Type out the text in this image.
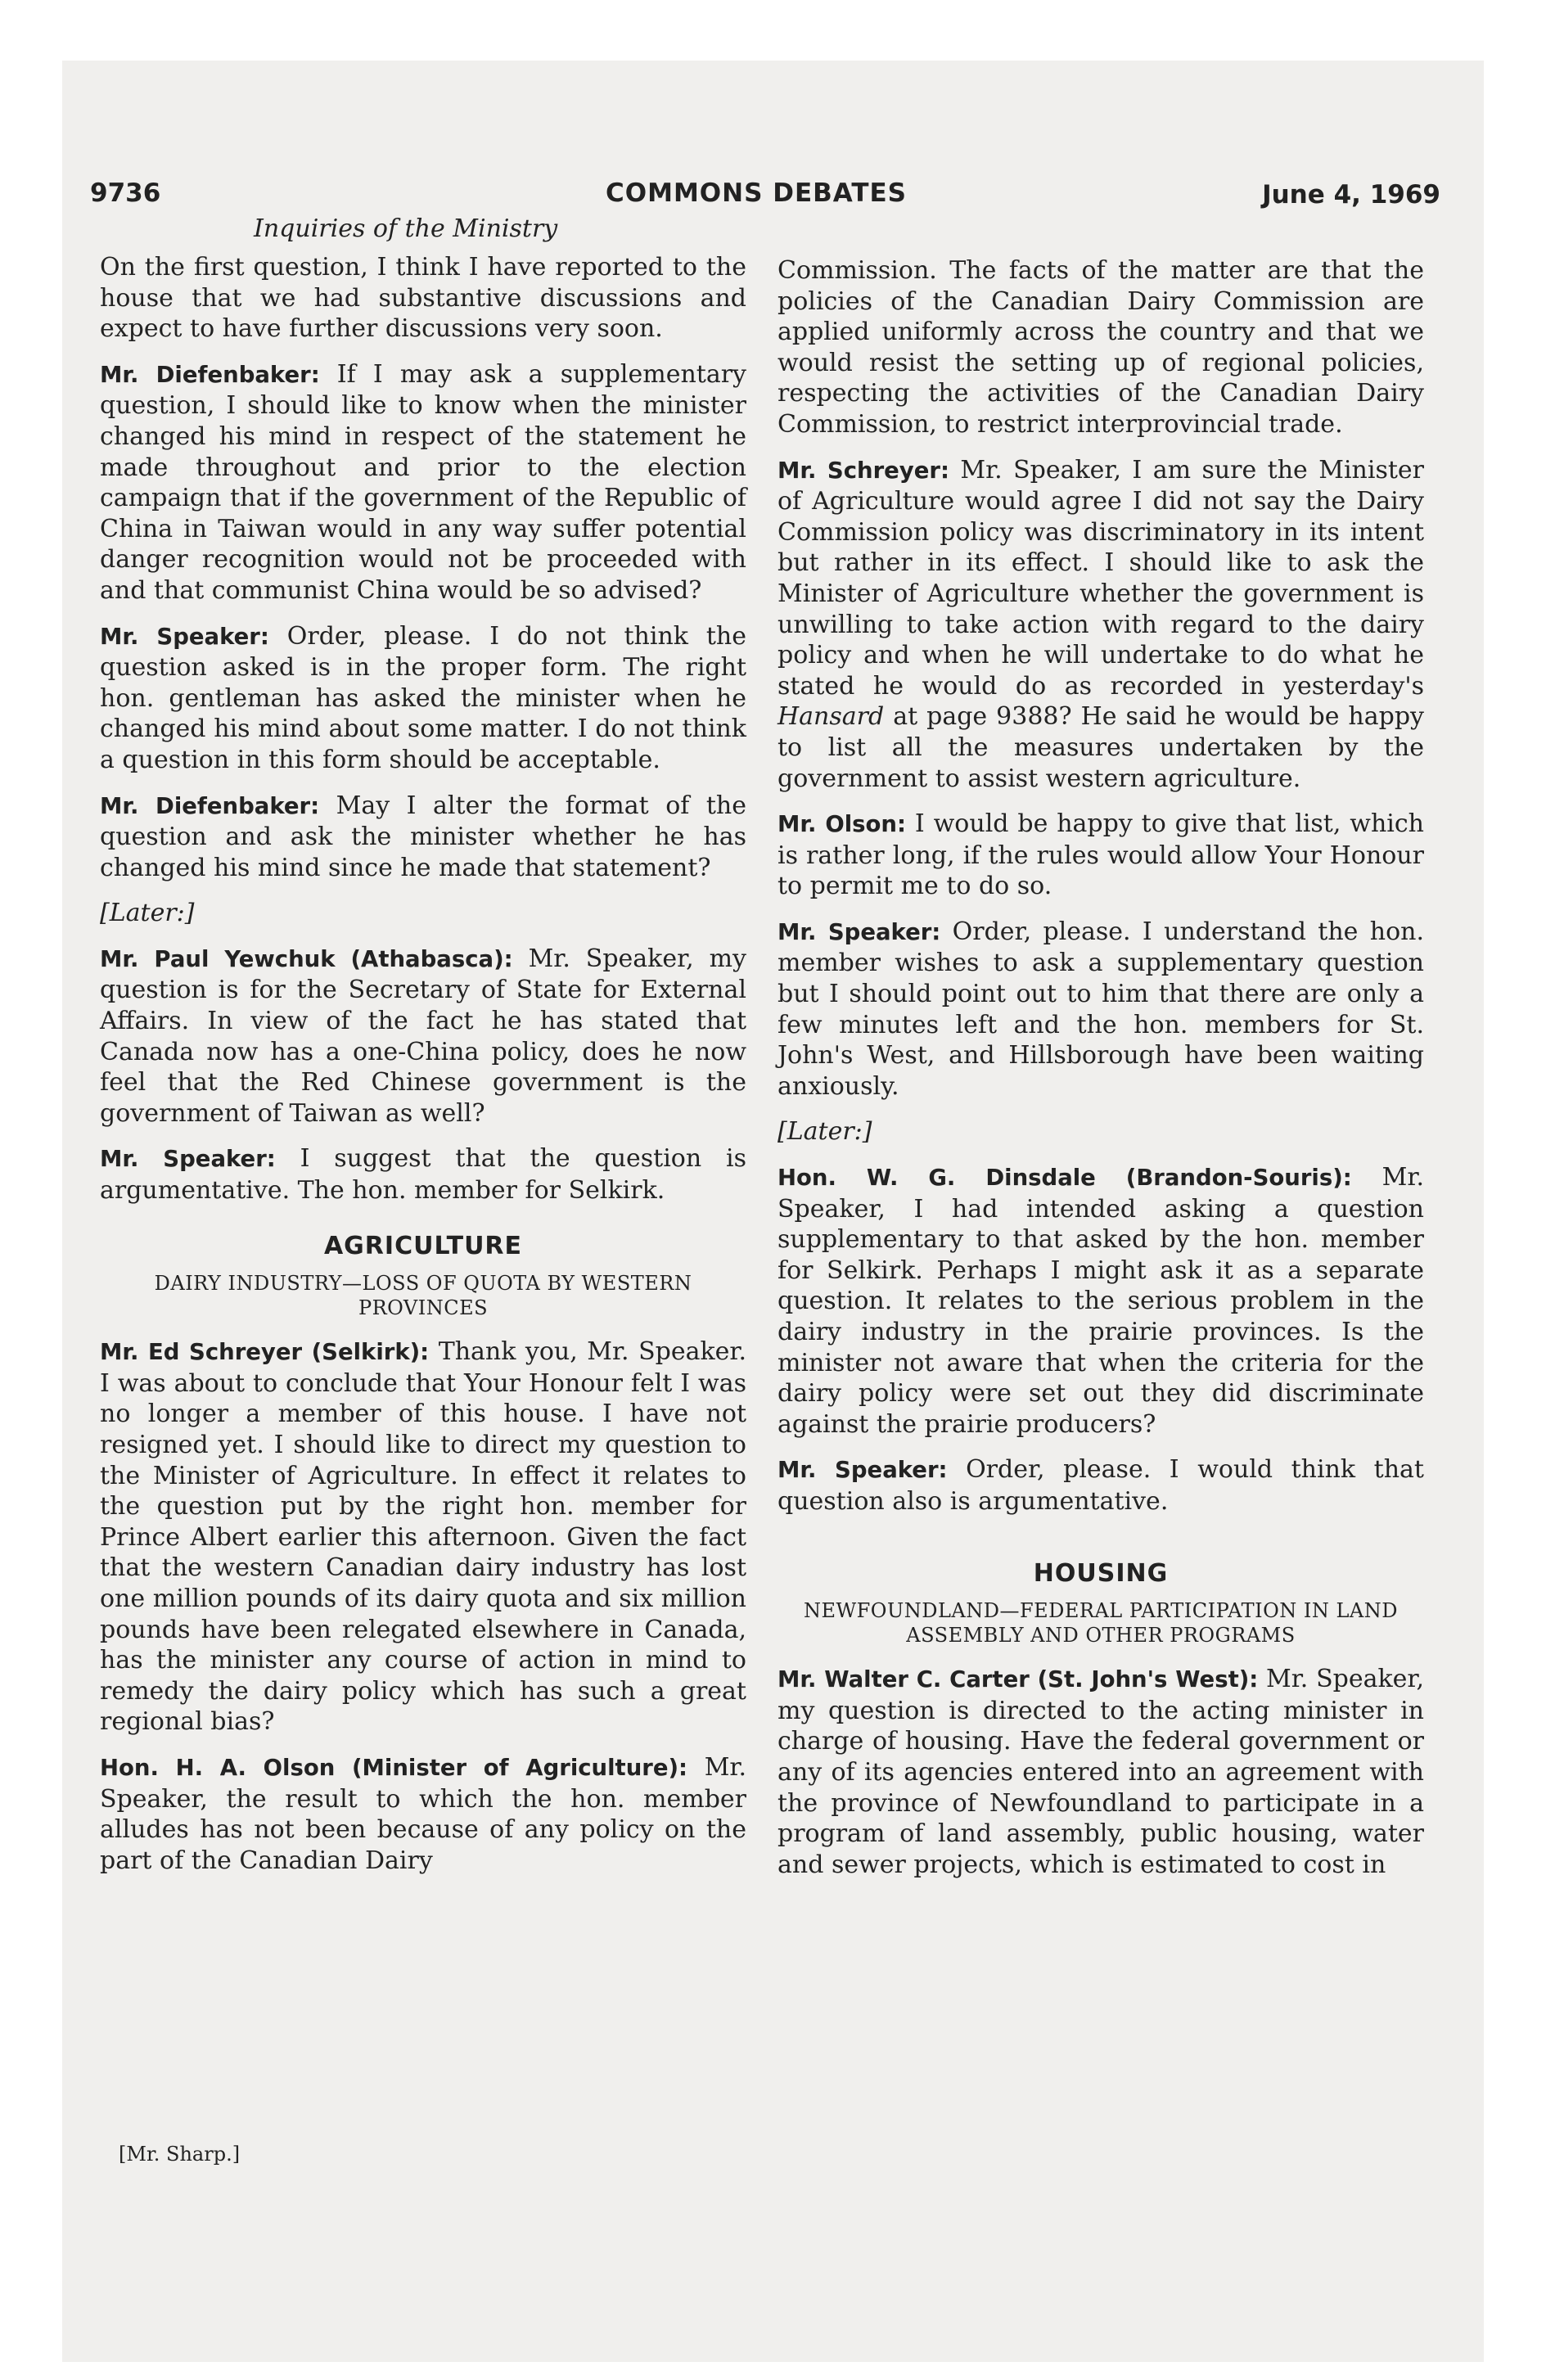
9736	COMMONS DEBATES	June 4, 1969
Inquiries of the Ministry

On the first question, I think I have reported to the house that we had substantive discussions and expect to have further discussions very soon.

Mr. Diefenbaker: If I may ask a supplementary question, I should like to know when the minister changed his mind in respect of the statement he made throughout and prior to the election campaign that if the government of the Republic of China in Taiwan would in any way suffer potential danger recognition would not be proceeded with and that communist China would be so advised?

Mr. Speaker: Order, please. I do not think the question asked is in the proper form. The right hon. gentleman has asked the minister when he changed his mind about some matter. I do not think a question in this form should be acceptable.

Mr. Diefenbaker: May I alter the format of the question and ask the minister whether he has changed his mind since he made that statement?

[Later:]

Mr. Paul Yewchuk (Athabasca): Mr. Speaker, my question is for the Secretary of State for External Affairs. In view of the fact he has stated that Canada now has a one-China policy, does he now feel that the Red Chinese government is the government of Taiwan as well?

Mr. Speaker: I suggest that the question is argumentative. The hon. member for Selkirk.

AGRICULTURE
DAIRY INDUSTRY—LOSS OF QUOTA BY WESTERN PROVINCES

Mr. Ed Schreyer (Selkirk): Thank you, Mr. Speaker. I was about to conclude that Your Honour felt I was no longer a member of this house. I have not resigned yet. I should like to direct my question to the Minister of Agriculture. In effect it relates to the question put by the right hon. member for Prince Albert earlier this afternoon. Given the fact that the western Canadian dairy industry has lost one million pounds of its dairy quota and six million pounds have been relegated elsewhere in Canada, has the minister any course of action in mind to remedy the dairy policy which has such a great regional bias?

Hon. H. A. Olson (Minister of Agriculture): Mr. Speaker, the result to which the hon. member alludes has not been because of any policy on the part of the Canadian Dairy

[Mr. Sharp.]

Commission. The facts of the matter are that the policies of the Canadian Dairy Commission are applied uniformly across the country and that we would resist the setting up of regional policies, respecting the activities of the Canadian Dairy Commission, to restrict interprovincial trade.

Mr. Schreyer: Mr. Speaker, I am sure the Minister of Agriculture would agree I did not say the Dairy Commission policy was discriminatory in its intent but rather in its effect. I should like to ask the Minister of Agriculture whether the government is unwilling to take action with regard to the dairy policy and when he will undertake to do what he stated he would do as recorded in yesterday's Hansard at page 9388? He said he would be happy to list all the measures undertaken by the government to assist western agriculture.

Mr. Olson: I would be happy to give that list, which is rather long, if the rules would allow Your Honour to permit me to do so.

Mr. Speaker: Order, please. I understand the hon. member wishes to ask a supplementary question but I should point out to him that there are only a few minutes left and the hon. members for St. John's West, and Hillsborough have been waiting anxiously.

[Later:]

Hon. W. G. Dinsdale (Brandon-Souris): Mr. Speaker, I had intended asking a question supplementary to that asked by the hon. member for Selkirk. Perhaps I might ask it as a separate question. It relates to the serious problem in the dairy industry in the prairie provinces. Is the minister not aware that when the criteria for the dairy policy were set out they did discriminate against the prairie producers?

Mr. Speaker: Order, please. I would think that question also is argumentative.

HOUSING
NEWFOUNDLAND—FEDERAL PARTICIPATION IN LAND ASSEMBLY AND OTHER PROGRAMS

Mr. Walter C. Carter (St. John's West): Mr. Speaker, my question is directed to the acting minister in charge of housing. Have the federal government or any of its agencies entered into an agreement with the province of Newfoundland to participate in a program of land assembly, public housing, water and sewer projects, which is estimated to cost in
